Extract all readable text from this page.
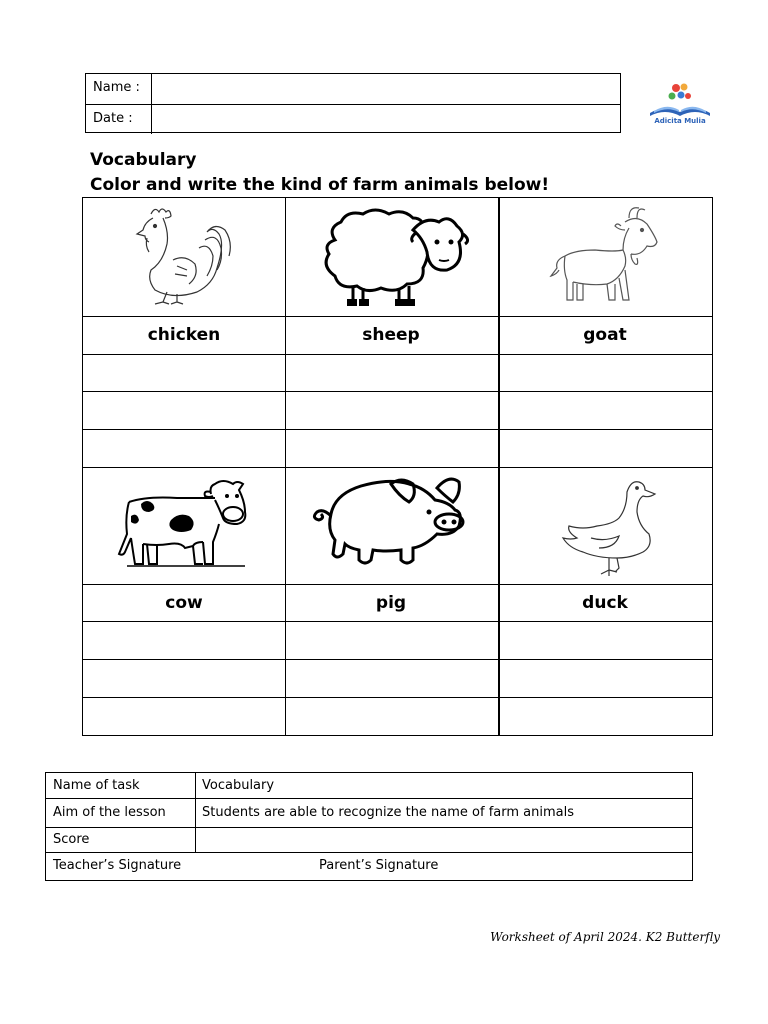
Name :
Date :	Adicita Mulia
Vocabulary
Color and write the kind of farm animals below!
chicken	sheep	goat
cow	pig	duck
Name of task	Vocabulary
Aim of the lesson	Students are able to recognize the name of farm animals
Score
Teacher’s Signature	Parent’s Signature
Worksheet of April 2024. K2 Butterfly
